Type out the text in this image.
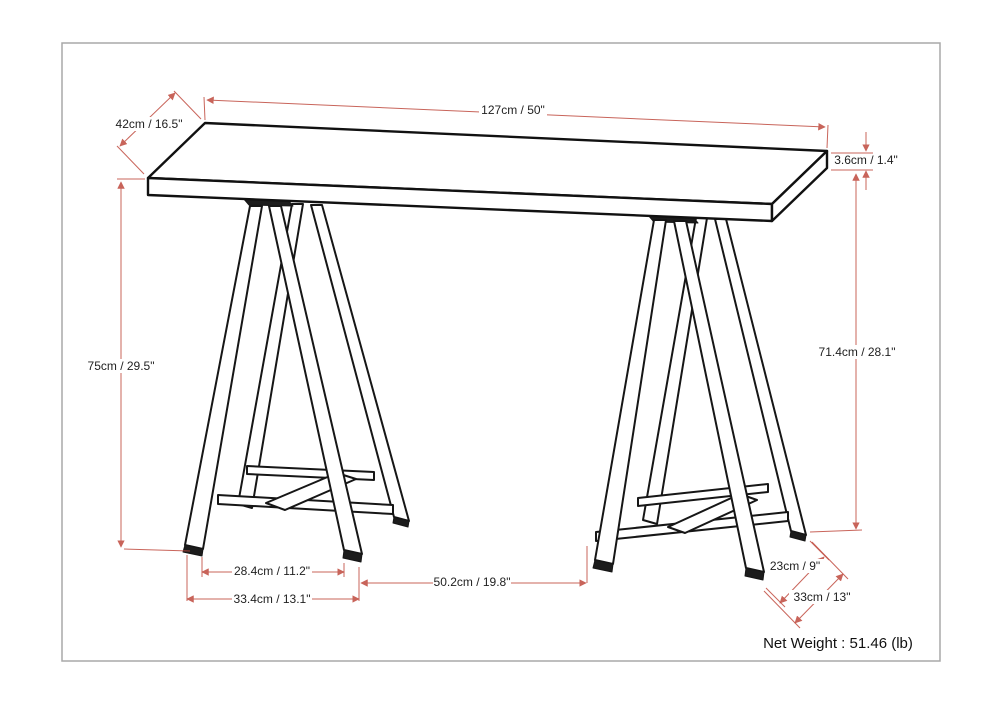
127cm / 50"
42cm / 16.5"
3.6cm / 1.4"
71.4cm / 28.1"
75cm / 29.5"
28.4cm / 11.2"
33.4cm / 13.1"
50.2cm / 19.8"
23cm / 9"
33cm / 13"
Net Weight : 51.46 (lb)
